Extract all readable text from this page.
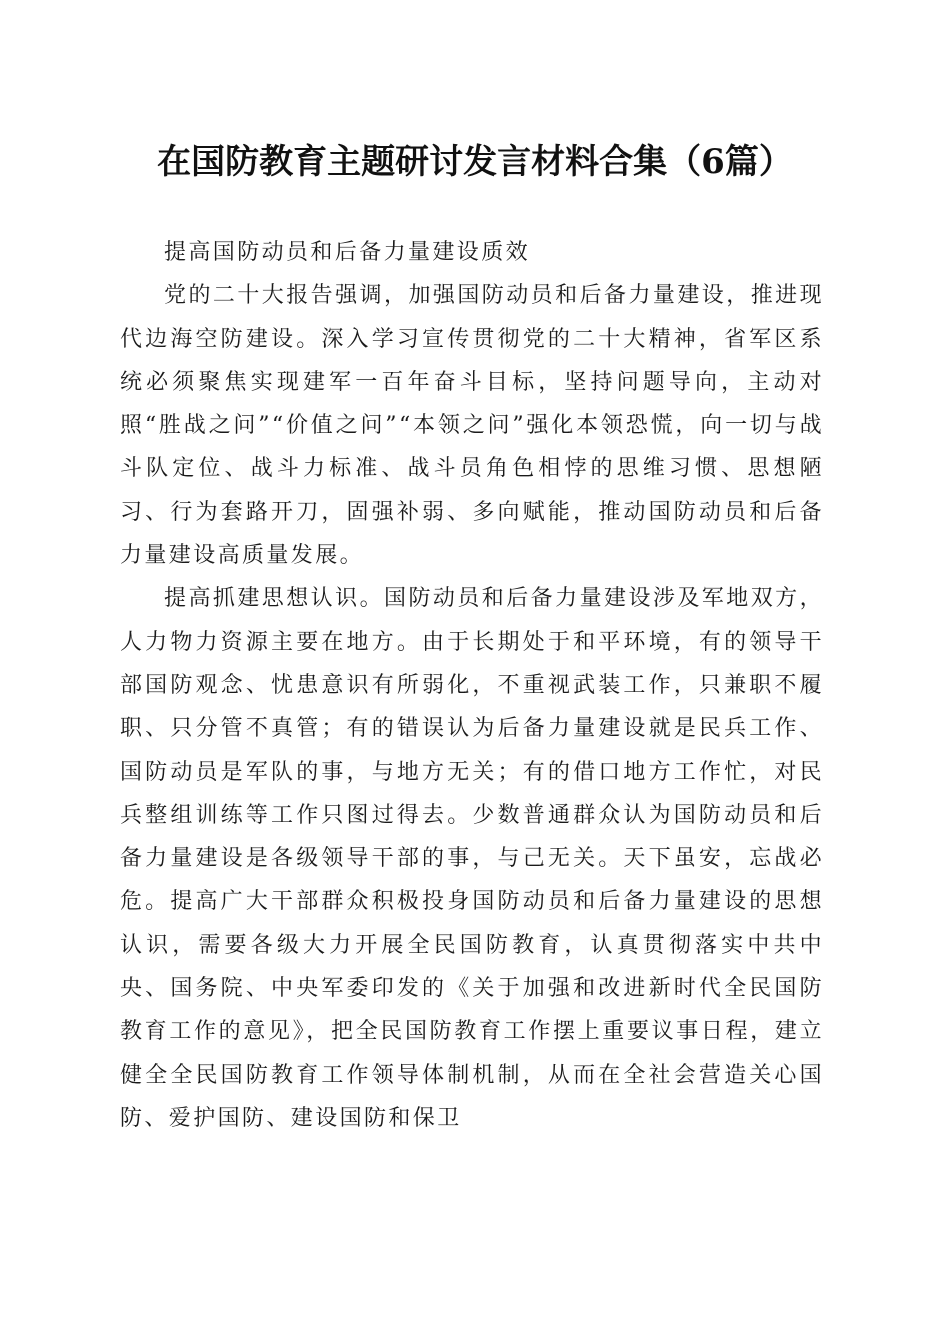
在国防教育主题研讨发言材料合集（6篇）

提高国防动员和后备力量建设质效

党的二十大报告强调，加强国防动员和后备力量建设，推进现代边海空防建设。深入学习宣传贯彻党的二十大精神，省军区系统必须聚焦实现建军一百年奋斗目标，坚持问题导向，主动对照“胜战之问”“价值之问”“本领之问”强化本领恐慌，向一切与战斗队定位、战斗力标准、战斗员角色相悖的思维习惯、思想陋习、行为套路开刀，固强补弱、多向赋能，推动国防动员和后备力量建设高质量发展。

提高抓建思想认识。国防动员和后备力量建设涉及军地双方，人力物力资源主要在地方。由于长期处于和平环境，有的领导干部国防观念、忧患意识有所弱化，不重视武装工作，只兼职不履职、只分管不真管；有的错误认为后备力量建设就是民兵工作、国防动员是军队的事，与地方无关；有的借口地方工作忙，对民兵整组训练等工作只图过得去。少数普通群众认为国防动员和后备力量建设是各级领导干部的事，与己无关。天下虽安，忘战必危。提高广大干部群众积极投身国防动员和后备力量建设的思想认识，需要各级大力开展全民国防教育，认真贯彻落实中共中央、国务院、中央军委印发的《关于加强和改进新时代全民国防教育工作的意见》，把全民国防教育工作摆上重要议事日程，建立健全全民国防教育工作领导体制机制，从而在全社会营造关心国防、爱护国防、建设国防和保卫
